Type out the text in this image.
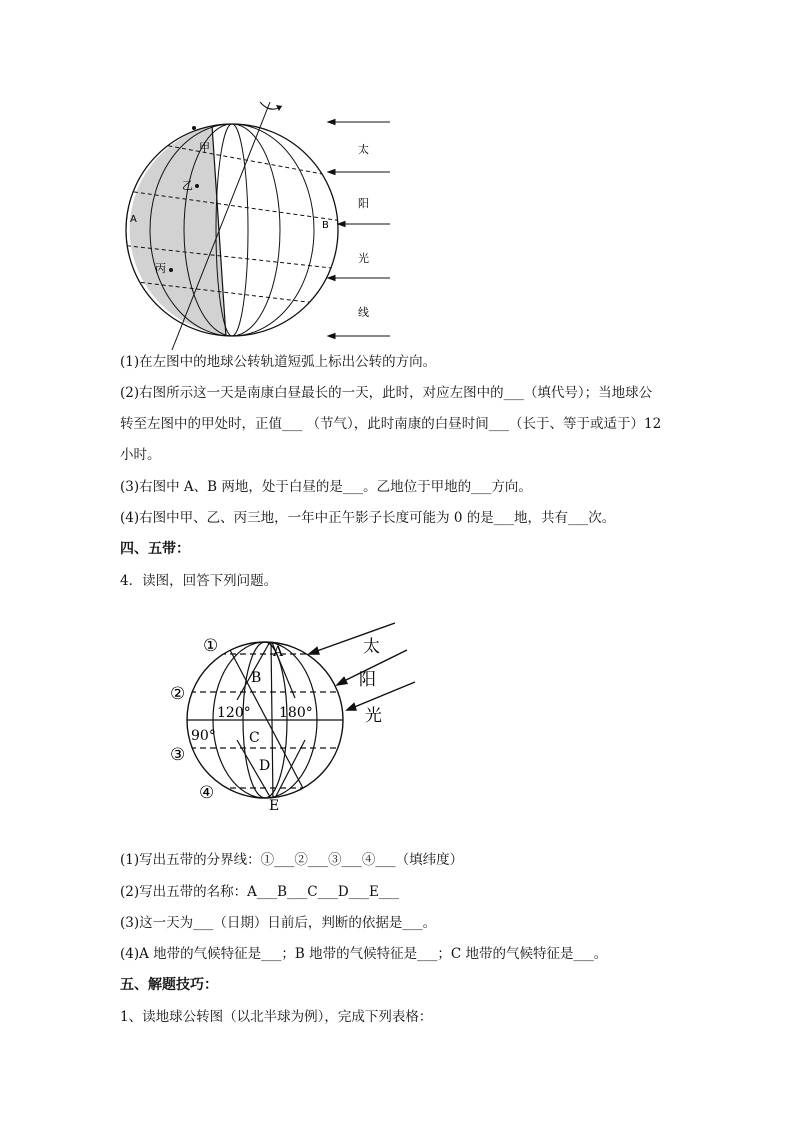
甲
乙
丙
A
B
太
阳
光
线
(1)在左图中的地球公转轨道短弧上标出公转的方向。
(2)右图所示这一天是南康白昼最长的一天，此时，对应左图中的___（填代号）；当地球公
转至左图中的甲处时，正值___ （节气），此时南康的白昼时间___（长于、等于或适于）12
小时。
(3)右图中 A、B 两地，处于白昼的是___。乙地位于甲地的___方向。
(4)右图中甲、乙、丙三地，一年中正午影子长度可能为 0 的是___地，共有___次。
四、五带：
4．读图，回答下列问题。
A
B
C
D
E
120° 180°
90°
①
②
③
④
太
阳
光
(1)写出五带的分界线：①___②___③___④___（填纬度）
(2)写出五带的名称：A___B___C___D___E___
(3)这一天为___（日期）日前后，判断的依据是___。
(4)A 地带的气候特征是___；B 地带的气候特征是___；C 地带的气候特征是___。
五、解题技巧：
1、读地球公转图（以北半球为例），完成下列表格：
